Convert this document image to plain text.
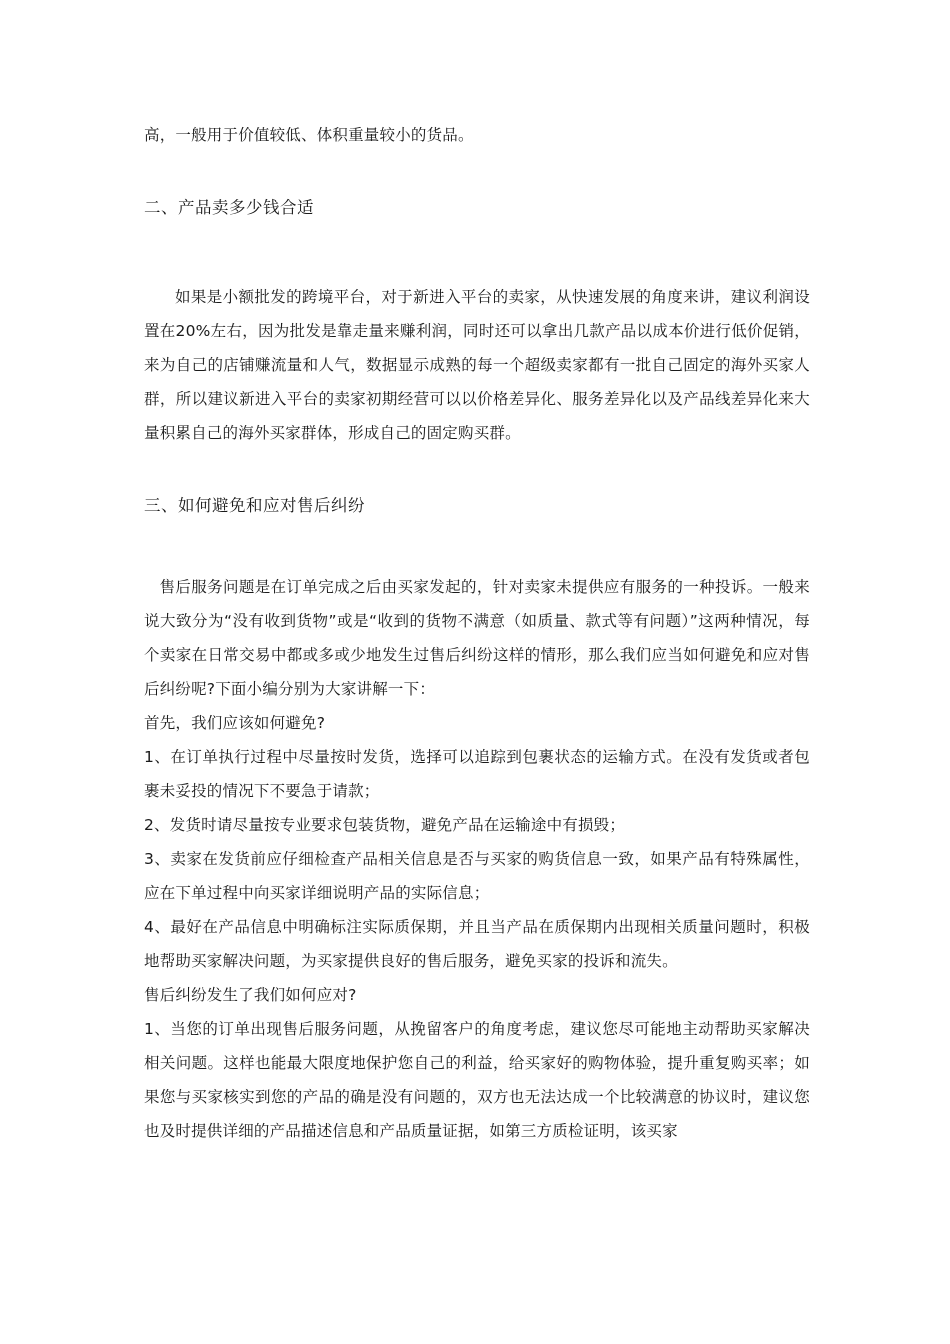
高，一般用于价值较低、体积重量较小的货品。

二、产品卖多少钱合适

如果是小额批发的跨境平台，对于新进入平台的卖家，从快速发展的角度来讲，建议利润设置在20%左右，因为批发是靠走量来赚利润，同时还可以拿出几款产品以成本价进行低价促销，来为自己的店铺赚流量和人气，数据显示成熟的每一个超级卖家都有一批自己固定的海外买家人群，所以建议新进入平台的卖家初期经营可以以价格差异化、服务差异化以及产品线差异化来大量积累自己的海外买家群体，形成自己的固定购买群。

三、如何避免和应对售后纠纷

售后服务问题是在订单完成之后由买家发起的，针对卖家未提供应有服务的一种投诉。一般来说大致分为“没有收到货物”或是“收到的货物不满意（如质量、款式等有问题）”这两种情况，每个卖家在日常交易中都或多或少地发生过售后纠纷这样的情形，那么我们应当如何避免和应对售后纠纷呢?下面小编分别为大家讲解一下：

首先，我们应该如何避免?

1、在订单执行过程中尽量按时发货，选择可以追踪到包裹状态的运输方式。在没有发货或者包裹未妥投的情况下不要急于请款；

2、发货时请尽量按专业要求包装货物，避免产品在运输途中有损毁；

3、卖家在发货前应仔细检查产品相关信息是否与买家的购货信息一致，如果产品有特殊属性，应在下单过程中向买家详细说明产品的实际信息；

4、最好在产品信息中明确标注实际质保期，并且当产品在质保期内出现相关质量问题时，积极地帮助买家解决问题，为买家提供良好的售后服务，避免买家的投诉和流失。

售后纠纷发生了我们如何应对?

1、当您的订单出现售后服务问题，从挽留客户的角度考虑，建议您尽可能地主动帮助买家解决相关问题。这样也能最大限度地保护您自己的利益，给买家好的购物体验，提升重复购买率；如果您与买家核实到您的产品的确是没有问题的，双方也无法达成一个比较满意的协议时，建议您也及时提供详细的产品描述信息和产品质量证据，如第三方质检证明，该买家
